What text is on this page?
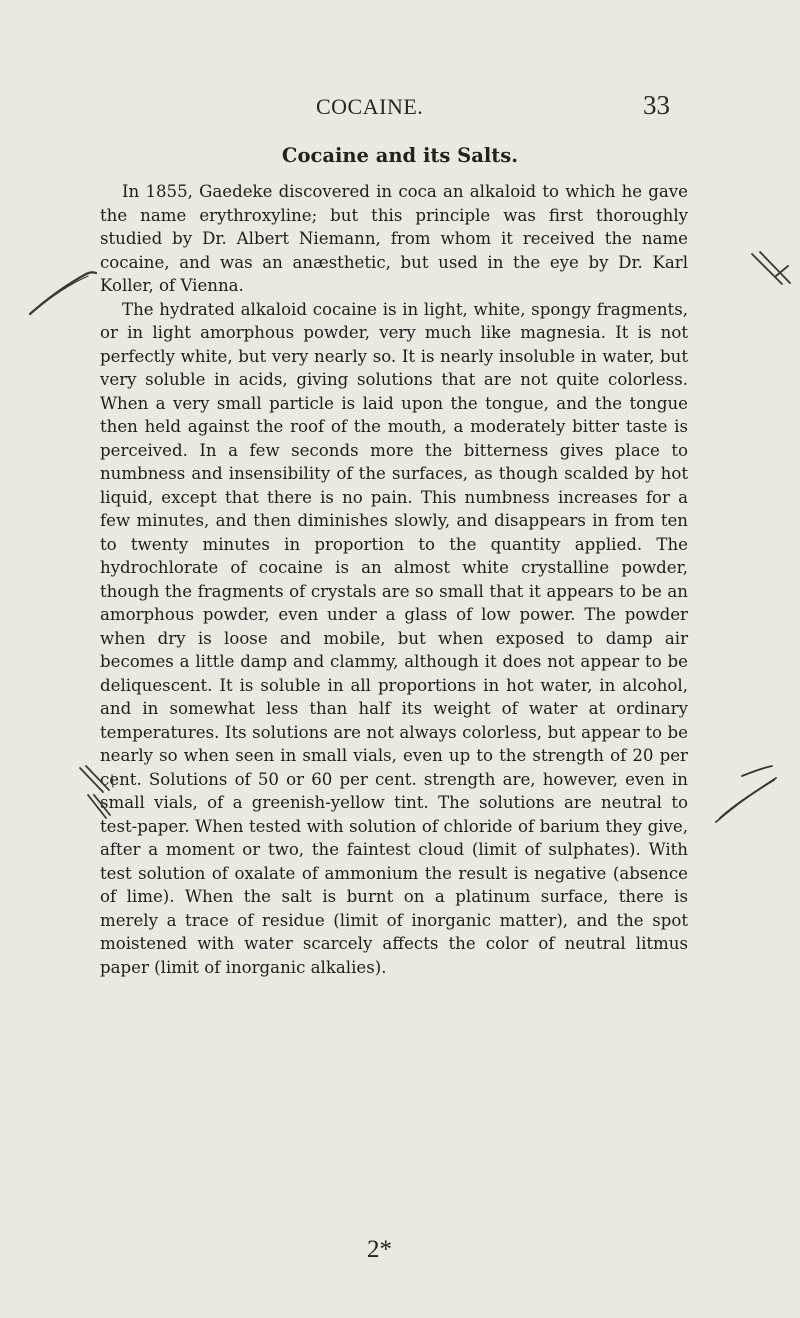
COCAINE.	33
Cocaine and its Salts.

In 1855, Gaedeke discovered in coca an alkaloid to which he gave the name erythroxyline; but this principle was first thoroughly studied by Dr. Albert Niemann, from whom it received the name cocaine, and was an anæsthetic, but used in the eye by Dr. Karl Koller, of Vienna.

The hydrated alkaloid cocaine is in light, white, spongy fragments, or in light amorphous powder, very much like magnesia. It is not perfectly white, but very nearly so. It is nearly insoluble in water, but very soluble in acids, giving solutions that are not quite colorless. When a very small particle is laid upon the tongue, and the tongue then held against the roof of the mouth, a moderately bitter taste is perceived. In a few seconds more the bitterness gives place to numbness and insensibility of the surfaces, as though scalded by hot liquid, except that there is no pain. This numbness increases for a few minutes, and then diminishes slowly, and disappears in from ten to twenty minutes in proportion to the quantity applied. The hydrochlorate of cocaine is an almost white crystalline powder, though the fragments of crystals are so small that it appears to be an amorphous powder, even under a glass of low power. The powder when dry is loose and mobile, but when exposed to damp air becomes a little damp and clammy, although it does not appear to be deliquescent. It is soluble in all proportions in hot water, in alcohol, and in somewhat less than half its weight of water at ordinary temperatures. Its solutions are not always colorless, but appear to be nearly so when seen in small vials, even up to the strength of 20 per cent. Solutions of 50 or 60 per cent. strength are, however, even in small vials, of a greenish-yellow tint. The solutions are neutral to test-paper. When tested with solution of chloride of barium they give, after a moment or two, the faintest cloud (limit of sulphates). With test solution of oxalate of ammonium the result is negative (absence of lime). When the salt is burnt on a platinum surface, there is merely a trace of residue (limit of inorganic matter), and the spot moistened with water scarcely affects the color of neutral litmus paper (limit of inorganic alkalies).

2*
